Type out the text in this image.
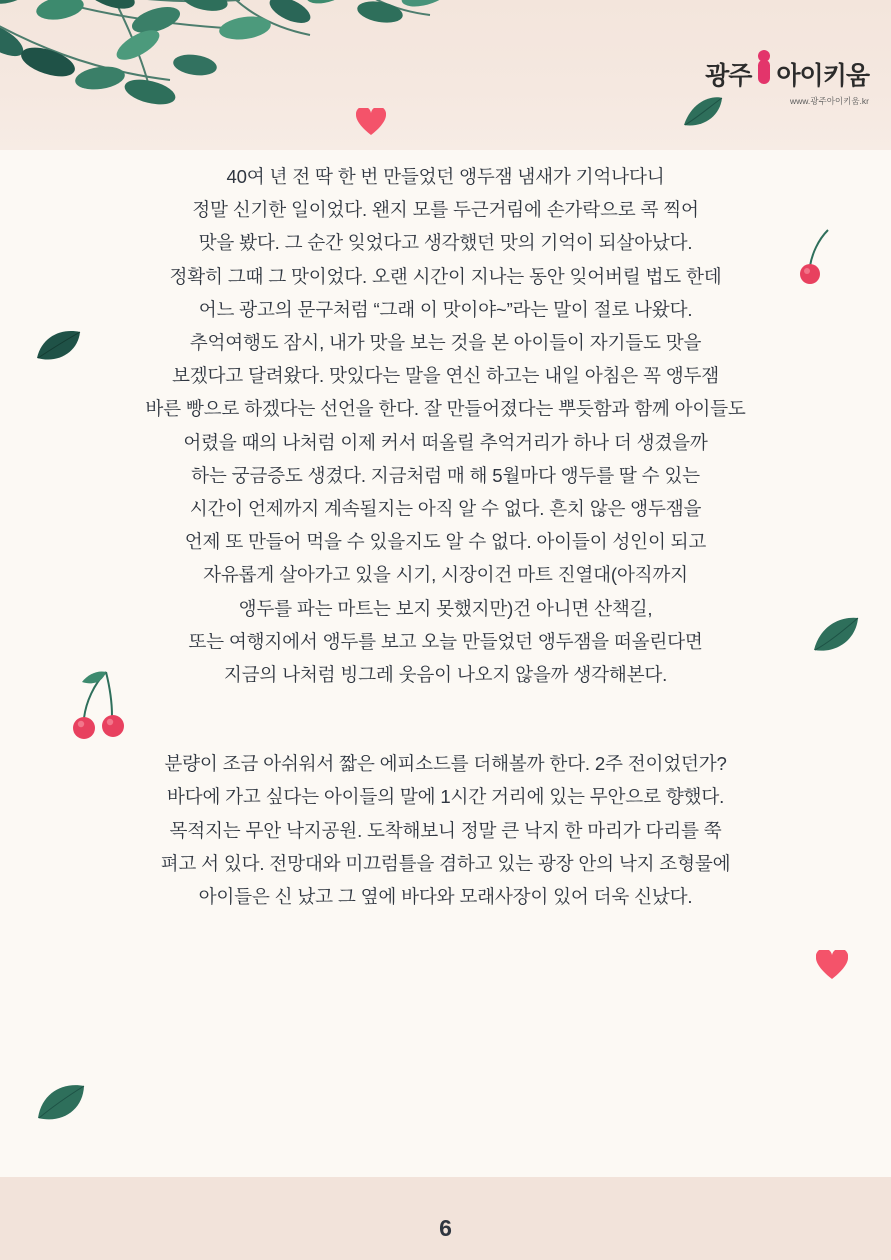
광주 아이키움
www.광주아이키움.kr

40여 년 전 딱 한 번 만들었던 앵두잼 냄새가 기억나다니
정말 신기한 일이었다. 왠지 모를 두근거림에 손가락으로 콕 찍어
맛을 봤다. 그 순간 잊었다고 생각했던 맛의 기억이 되살아났다.
정확히 그때 그 맛이었다. 오랜 시간이 지나는 동안 잊어버릴 법도 한데
어느 광고의 문구처럼 “그래 이 맛이야~”라는 말이 절로 나왔다.
추억여행도 잠시, 내가 맛을 보는 것을 본 아이들이 자기들도 맛을
보겠다고 달려왔다. 맛있다는 말을 연신 하고는 내일 아침은 꼭 앵두잼
바른 빵으로 하겠다는 선언을 한다. 잘 만들어졌다는 뿌듯함과 함께 아이들도
어렸을 때의 나처럼 이제 커서 떠올릴 추억거리가 하나 더 생겼을까
하는 궁금증도 생겼다. 지금처럼 매 해 5월마다 앵두를 딸 수 있는
시간이 언제까지 계속될지는 아직 알 수 없다. 흔치 않은 앵두잼을
언제 또 만들어 먹을 수 있을지도 알 수 없다. 아이들이 성인이 되고
자유롭게 살아가고 있을 시기, 시장이건 마트 진열대(아직까지
앵두를 파는 마트는 보지 못했지만)건 아니면 산책길,
또는 여행지에서 앵두를 보고 오늘 만들었던 앵두잼을 떠올린다면
지금의 나처럼 빙그레 웃음이 나오지 않을까 생각해본다.

분량이 조금 아쉬워서 짧은 에피소드를 더해볼까 한다. 2주 전이었던가?
바다에 가고 싶다는 아이들의 말에 1시간 거리에 있는 무안으로 향했다.
목적지는 무안 낙지공원. 도착해보니 정말 큰 낙지 한 마리가 다리를 쭉
펴고 서 있다. 전망대와 미끄럼틀을 겸하고 있는 광장 안의 낙지 조형물에
아이들은 신 났고 그 옆에 바다와 모래사장이 있어 더욱 신났다.

6
